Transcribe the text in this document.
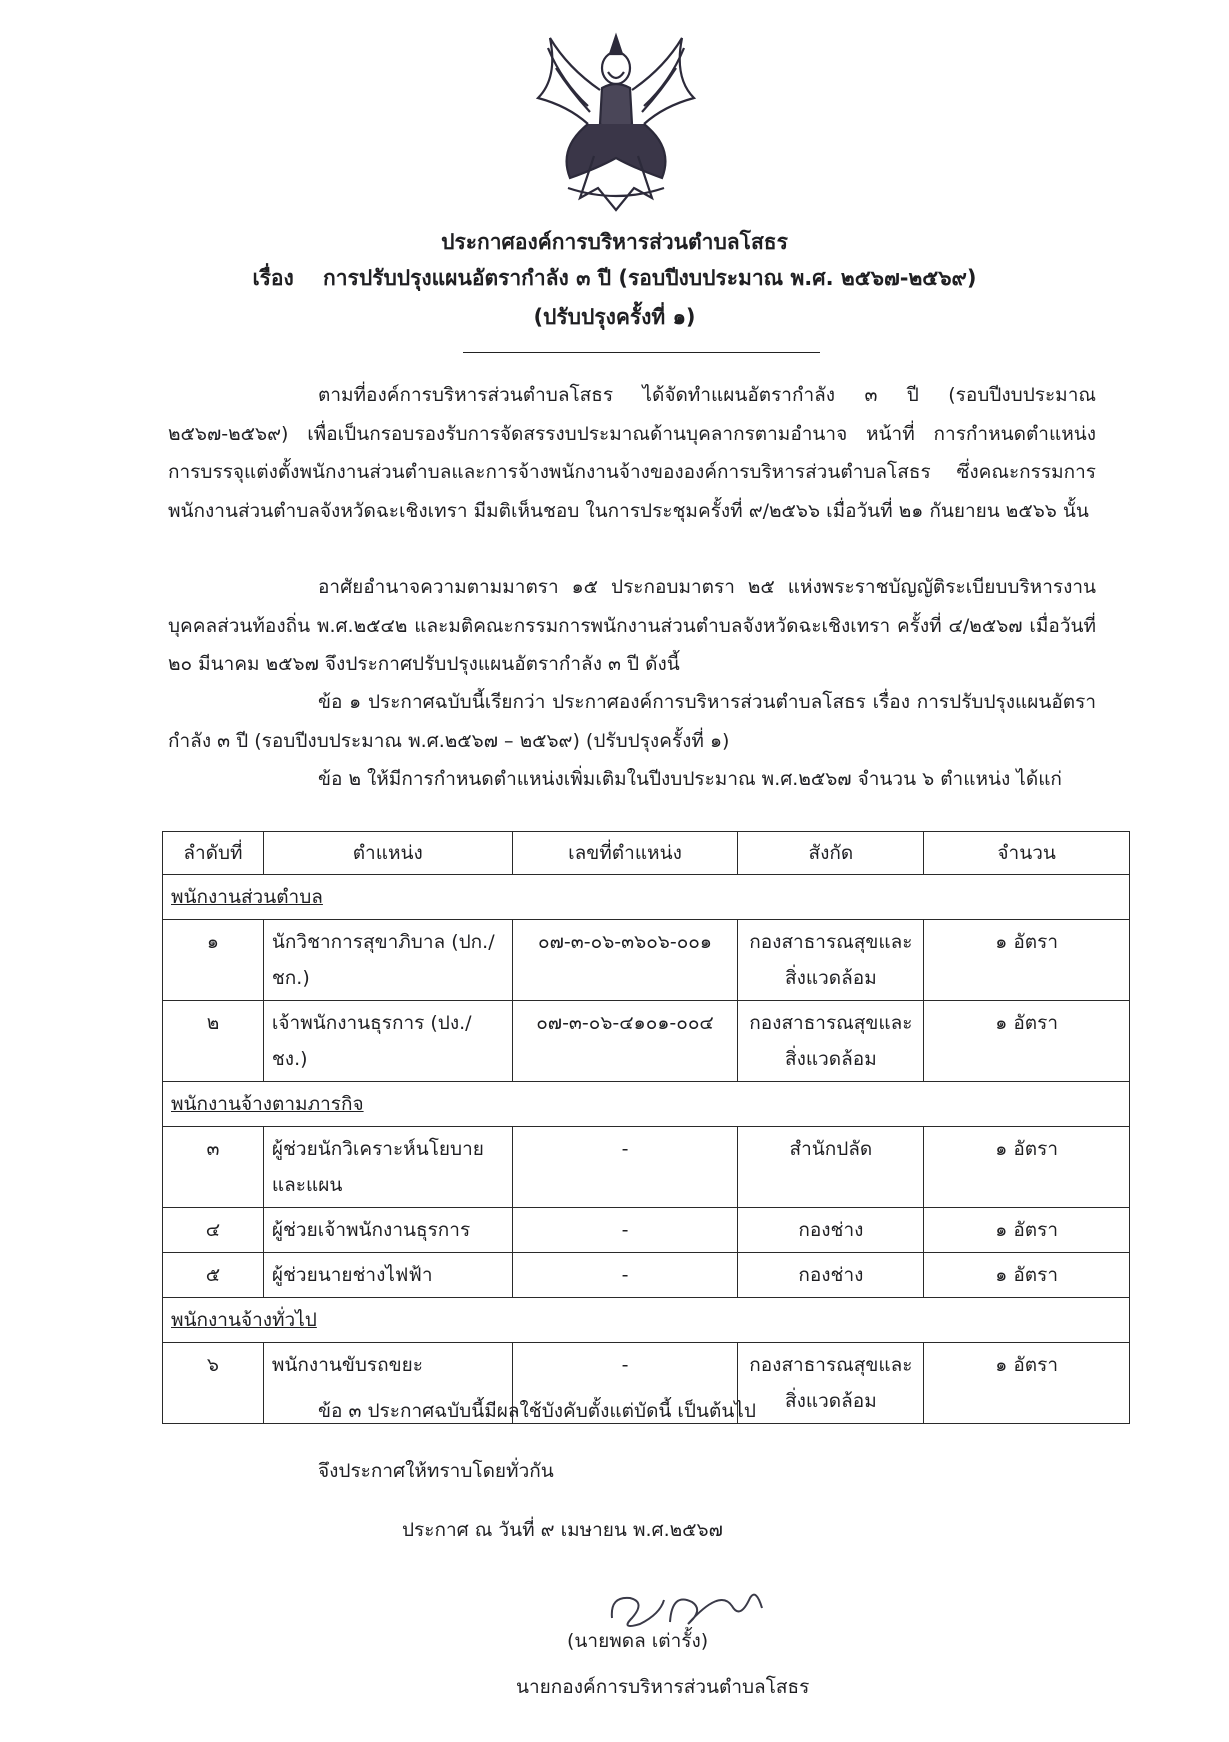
ประกาศองค์การบริหารส่วนตำบลโสธร
เรื่อง การปรับปรุงแผนอัตรากำลัง ๓ ปี (รอบปีงบประมาณ พ.ศ. ๒๕๖๗-๒๕๖๙)
(ปรับปรุงครั้งที่ ๑)
ตามที่องค์การบริหารส่วนตำบลโสธร ได้จัดทำแผนอัตรากำลัง ๓ ปี (รอบปีงบประมาณ ๒๕๖๗-๒๕๖๙) เพื่อเป็นกรอบรองรับการจัดสรรงบประมาณด้านบุคลากรตามอำนาจ หน้าที่ การกำหนดตำแหน่ง การบรรจุแต่งตั้งพนักงานส่วนตำบลและการจ้างพนักงานจ้างขององค์การบริหารส่วนตำบลโสธร ซึ่งคณะกรรมการพนักงานส่วนตำบลจังหวัดฉะเชิงเทรา มีมติเห็นชอบ ในการประชุมครั้งที่ ๙/๒๕๖๖ เมื่อวันที่ ๒๑ กันยายน ๒๕๖๖ นั้น
อาศัยอำนาจความตามมาตรา ๑๕ ประกอบมาตรา ๒๕ แห่งพระราชบัญญัติระเบียบบริหารงานบุคคลส่วนท้องถิ่น พ.ศ.๒๕๔๒ และมติคณะกรรมการพนักงานส่วนตำบลจังหวัดฉะเชิงเทรา ครั้งที่ ๔/๒๕๖๗ เมื่อวันที่ ๒๐ มีนาคม ๒๕๖๗ จึงประกาศปรับปรุงแผนอัตรากำลัง ๓ ปี ดังนี้
ข้อ ๑ ประกาศฉบับนี้เรียกว่า ประกาศองค์การบริหารส่วนตำบลโสธร เรื่อง การปรับปรุงแผนอัตรากำลัง ๓ ปี (รอบปีงบประมาณ พ.ศ.๒๕๖๗ – ๒๕๖๙) (ปรับปรุงครั้งที่ ๑)
ข้อ ๒ ให้มีการกำหนดตำแหน่งเพิ่มเติมในปีงบประมาณ พ.ศ.๒๕๖๗ จำนวน ๖ ตำแหน่ง ได้แก่
ลำดับที่	ตำแหน่ง	เลขที่ตำแหน่ง	สังกัด	จำนวน
พนักงานส่วนตำบล				
๑	นักวิชาการสุขาภิบาล (ปก./ชก.)	๐๗-๓-๐๖-๓๖๐๖-๐๐๑	กองสาธารณสุขและสิ่งแวดล้อม	๑ อัตรา
๒	เจ้าพนักงานธุรการ (ปง./ชง.)	๐๗-๓-๐๖-๔๑๐๑-๐๐๔	กองสาธารณสุขและสิ่งแวดล้อม	๑ อัตรา
พนักงานจ้างตามภารกิจ				
๓	ผู้ช่วยนักวิเคราะห์นโยบายและแผน	-	สำนักปลัด	๑ อัตรา
๔	ผู้ช่วยเจ้าพนักงานธุรการ	-	กองช่าง	๑ อัตรา
๕	ผู้ช่วยนายช่างไฟฟ้า	-	กองช่าง	๑ อัตรา
พนักงานจ้างทั่วไป				
๖	พนักงานขับรถขยะ	-	กองสาธารณสุขและสิ่งแวดล้อม	๑ อัตรา
ข้อ ๓ ประกาศฉบับนี้มีผลใช้บังคับตั้งแต่บัดนี้ เป็นต้นไป
จึงประกาศให้ทราบโดยทั่วกัน
ประกาศ ณ วันที่ ๙ เมษายน พ.ศ.๒๕๖๗
(นายพดล เต่ารั้ง)
นายกองค์การบริหารส่วนตำบลโสธร
